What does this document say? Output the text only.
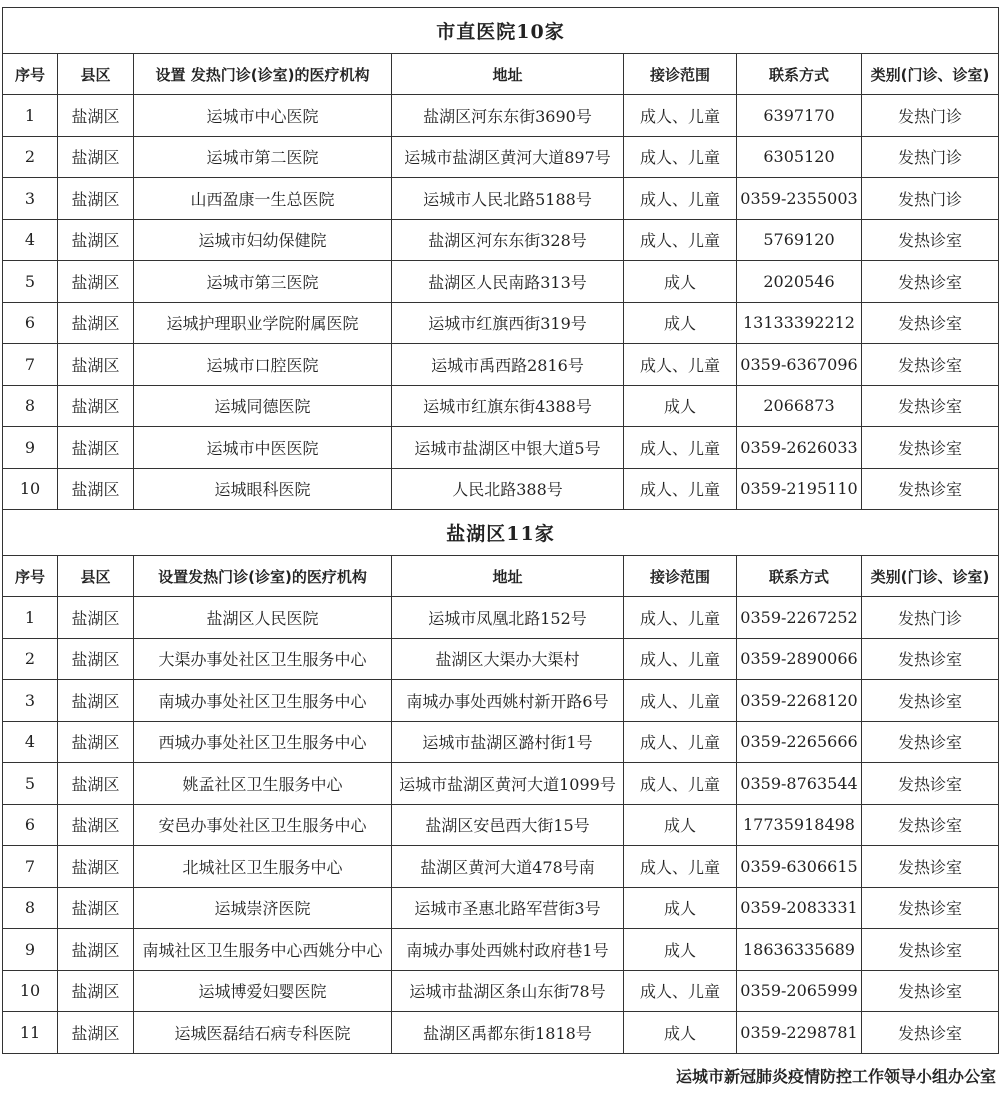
市直医院10家						
序号	县区	设置 发热门诊(诊室)的医疗机构	地址	接诊范围	联系方式	类别(门诊、诊室)
1	盐湖区	运城市中心医院	盐湖区河东东街3690号	成人、儿童	6397170	发热门诊
2	盐湖区	运城市第二医院	运城市盐湖区黄河大道897号	成人、儿童	6305120	发热门诊
3	盐湖区	山西盈康一生总医院	运城市人民北路5188号	成人、儿童	0359-2355003	发热门诊
4	盐湖区	运城市妇幼保健院	盐湖区河东东街328号	成人、儿童	5769120	发热诊室
5	盐湖区	运城市第三医院	盐湖区人民南路313号	成人	2020546	发热诊室
6	盐湖区	运城护理职业学院附属医院	运城市红旗西街319号	成人	13133392212	发热诊室
7	盐湖区	运城市口腔医院	运城市禹西路2816号	成人、儿童	0359-6367096	发热诊室
8	盐湖区	运城同德医院	运城市红旗东街4388号	成人	2066873	发热诊室
9	盐湖区	运城市中医医院	运城市盐湖区中银大道5号	成人、儿童	0359-2626033	发热诊室
10	盐湖区	运城眼科医院	人民北路388号	成人、儿童	0359-2195110	发热诊室
盐湖区11家						
序号	县区	设置发热门诊(诊室)的医疗机构	地址	接诊范围	联系方式	类别(门诊、诊室)
1	盐湖区	盐湖区人民医院	运城市凤凰北路152号	成人、儿童	0359-2267252	发热门诊
2	盐湖区	大渠办事处社区卫生服务中心	盐湖区大渠办大渠村	成人、儿童	0359-2890066	发热诊室
3	盐湖区	南城办事处社区卫生服务中心	南城办事处西姚村新开路6号	成人、儿童	0359-2268120	发热诊室
4	盐湖区	西城办事处社区卫生服务中心	运城市盐湖区潞村街1号	成人、儿童	0359-2265666	发热诊室
5	盐湖区	姚孟社区卫生服务中心	运城市盐湖区黄河大道1099号	成人、儿童	0359-8763544	发热诊室
6	盐湖区	安邑办事处社区卫生服务中心	盐湖区安邑西大街15号	成人	17735918498	发热诊室
7	盐湖区	北城社区卫生服务中心	盐湖区黄河大道478号南	成人、儿童	0359-6306615	发热诊室
8	盐湖区	运城崇济医院	运城市圣惠北路军营街3号	成人	0359-2083331	发热诊室
9	盐湖区	南城社区卫生服务中心西姚分中心	南城办事处西姚村政府巷1号	成人	18636335689	发热诊室
10	盐湖区	运城博爱妇婴医院	运城市盐湖区条山东街78号	成人、儿童	0359-2065999	发热诊室
11	盐湖区	运城医磊结石病专科医院	盐湖区禹都东街1818号	成人	0359-2298781	发热诊室
运城市新冠肺炎疫情防控工作领导小组办公室
